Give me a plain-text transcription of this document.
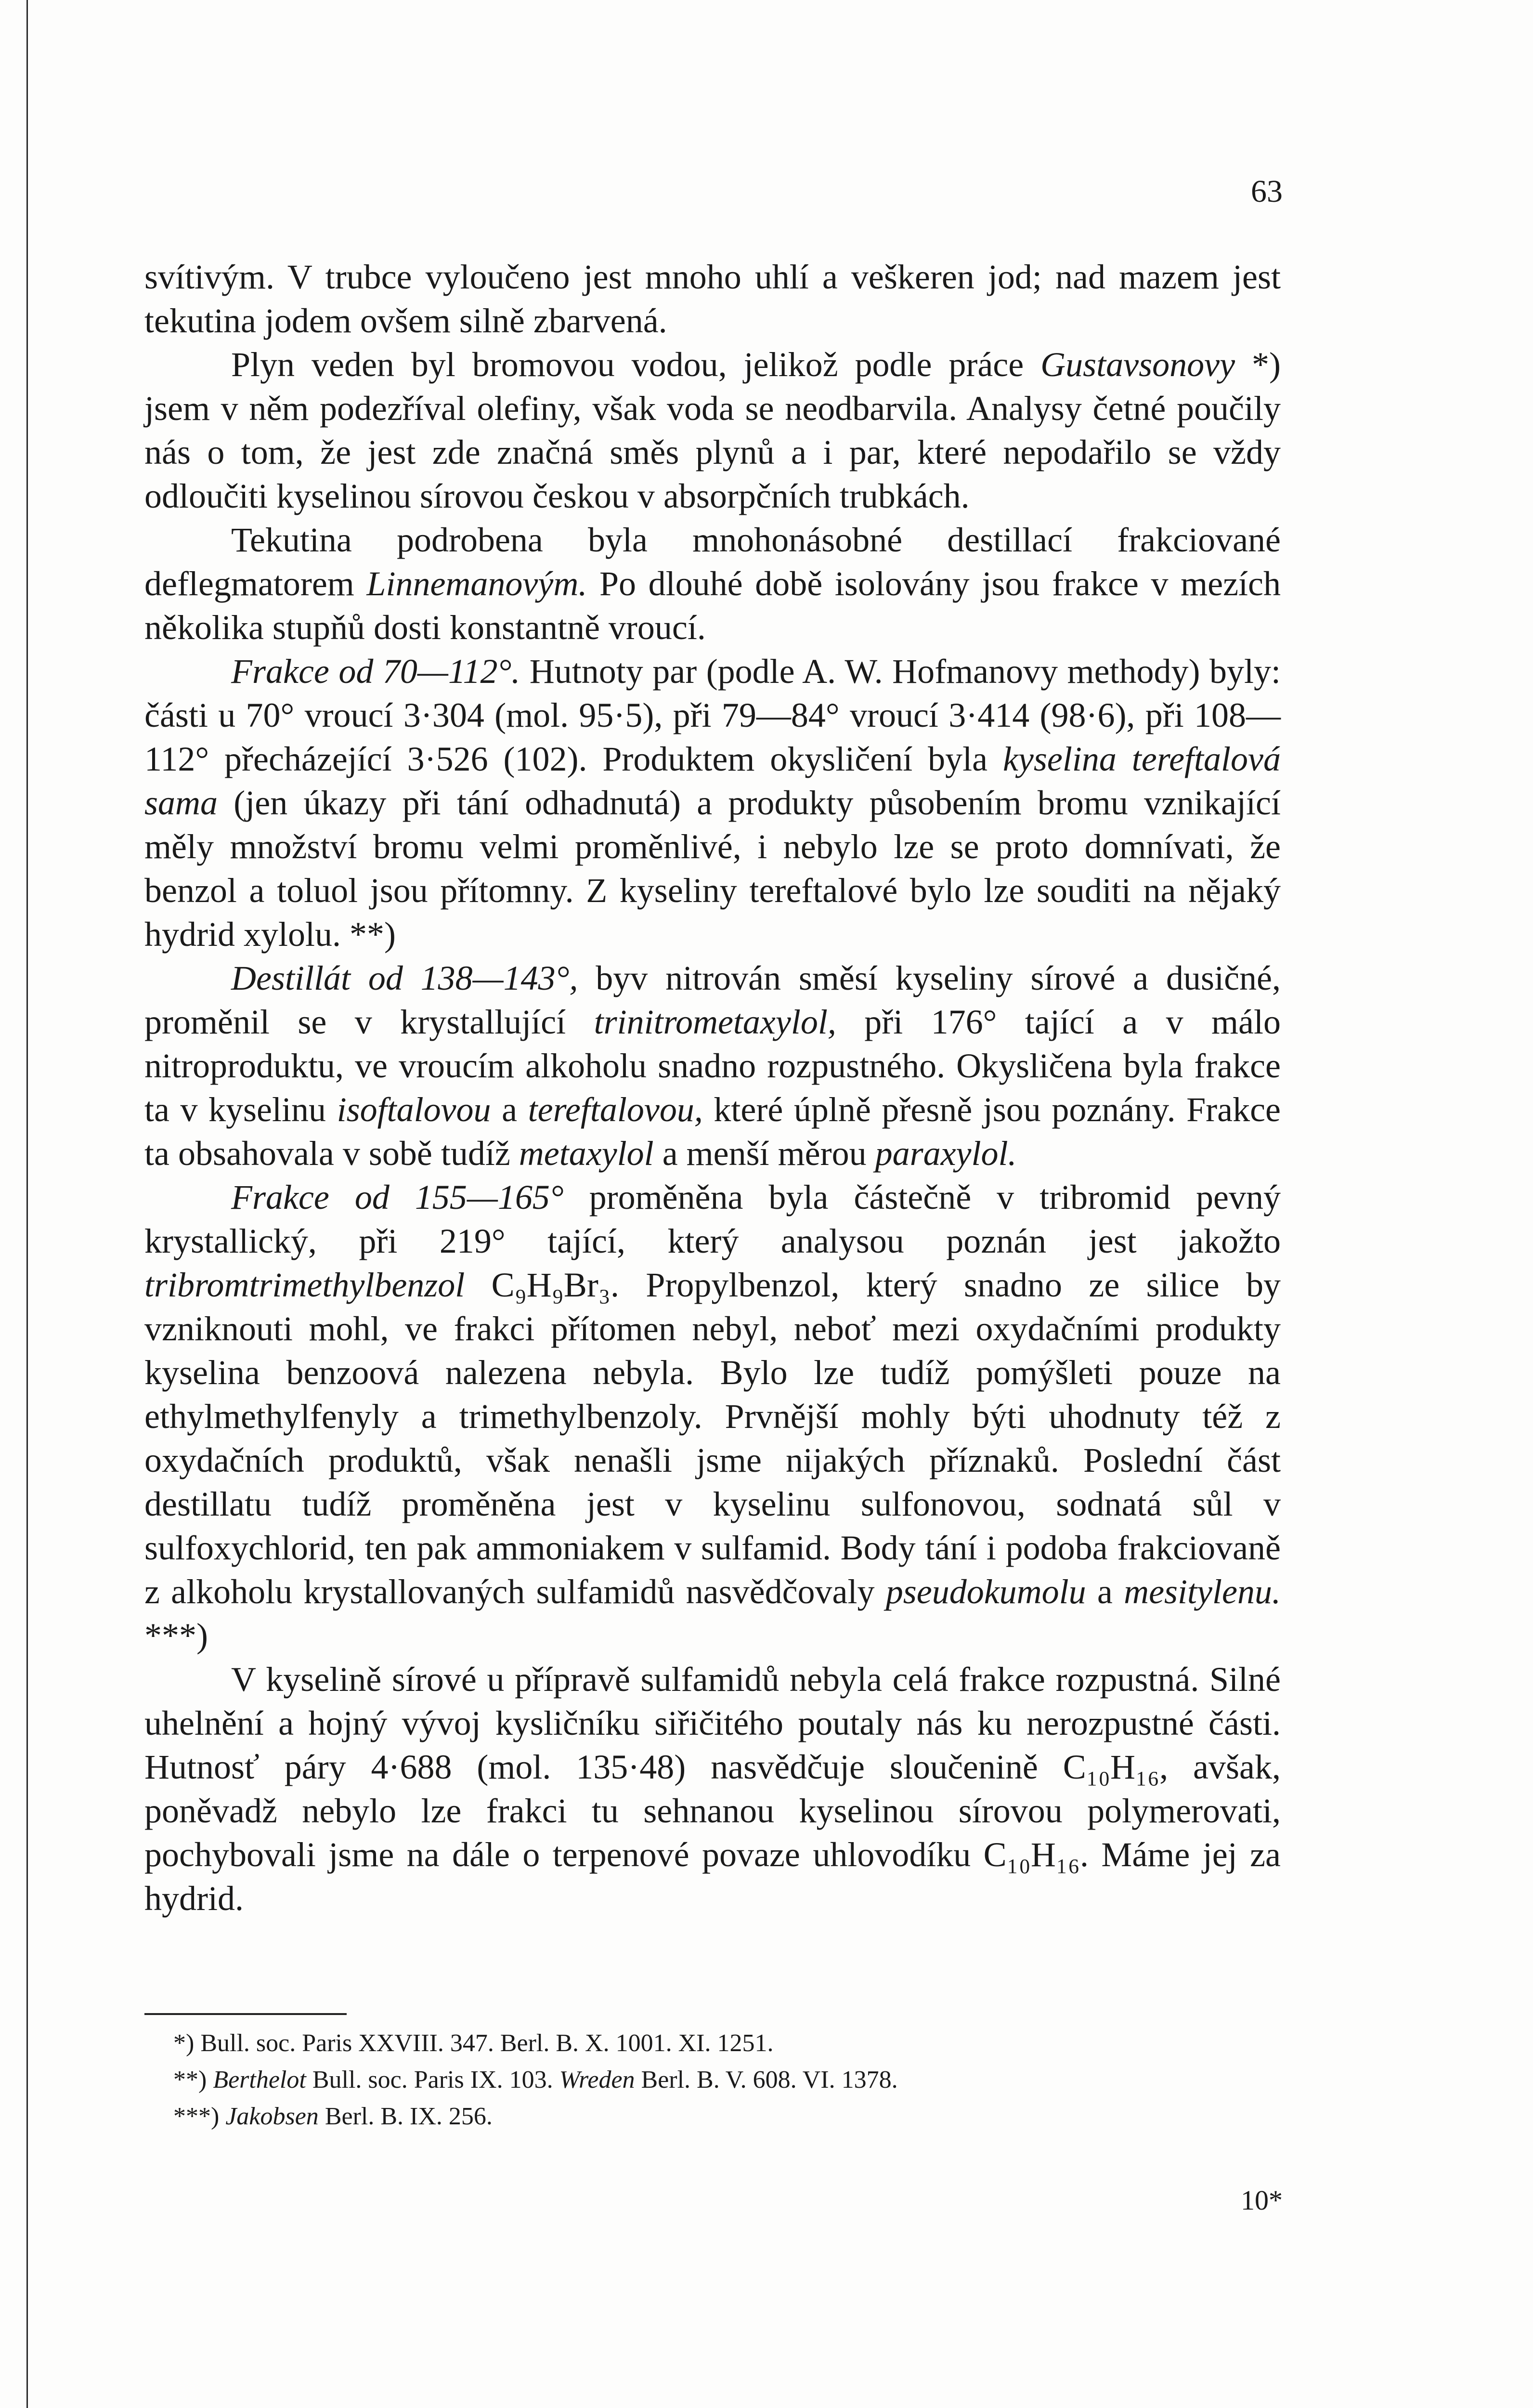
63

svítivým. V trubce vyloučeno jest mnoho uhlí a veškeren jod; nad mazem jest tekutina jodem ovšem silně zbarvená.

Plyn veden byl bromovou vodou, jelikož podle práce Gustavsonovy *) jsem v něm podezříval olefiny, však voda se neodbarvila. Analysy četné poučily nás o tom, že jest zde značná směs plynů a i par, které nepodařilo se vždy odloučiti kyselinou sírovou českou v absorpčních trubkách.

Tekutina podrobena byla mnohonásobné destillací frakciované deflegmatorem Linnemanovým. Po dlouhé době isolovány jsou frakce v mezích několika stupňů dosti konstantně vroucí.

Frakce od 70—112°. Hutnoty par (podle A. W. Hofmanovy methody) byly: části u 70° vroucí 3·304 (mol. 95·5), při 79—84° vroucí 3·414 (98·6), při 108—112° přecházející 3·526 (102). Produktem okysličení byla kyselina tereftalová sama (jen úkazy při tání odhadnutá) a produkty působením bromu vznikající měly množství bromu velmi proměnlivé, i nebylo lze se proto domnívati, že benzol a toluol jsou přítomny. Z kyseliny tereftalové bylo lze souditi na nějaký hydrid xylolu. **)

Destillát od 138—143°, byv nitrován směsí kyseliny sírové a dusičné, proměnil se v krystallující trinitrometaxylol, při 176° tající a v málo nitroproduktu, ve vroucím alkoholu snadno rozpustného. Okysličena byla frakce ta v kyselinu isoftalovou a tereftalovou, které úplně přesně jsou poznány. Frakce ta obsahovala v sobě tudíž metaxylol a menší měrou paraxylol.

Frakce od 155—165° proměněna byla částečně v tribromid pevný krystallický, při 219° tající, který analysou poznán jest jakožto tribromtrimethylbenzol C₉H₉Br₃. Propylbenzol, který snadno ze silice by vzniknouti mohl, ve frakci přítomen nebyl, neboť mezi oxydačními produkty kyselina benzoová nalezena nebyla. Bylo lze tudíž pomýšleti pouze na ethylmethylfenyly a trimethylbenzoly. Prvnější mohly býti uhodnuty též z oxydačních produktů, však nenašli jsme nijakých příznaků. Poslední část destillatu tudíž proměněna jest v kyselinu sulfonovou, sodnatá sůl v sulfoxychlorid, ten pak ammoniakem v sulfamid. Body tání i podoba frakciovaně z alkoholu krystallovaných sulfamidů nasvědčovaly pseudokumolu a mesitylenu. ***)

V kyselině sírové u přípravě sulfamidů nebyla celá frakce rozpustná. Silné uhelnění a hojný vývoj kysličníku siřičitého poutaly nás ku nerozpustné části. Hutnosť páry 4·688 (mol. 135·48) nasvědčuje sloučenině C₁₀H₁₆, avšak, poněvadž nebylo lze frakci tu sehnanou kyselinou sírovou polymerovati, pochybovali jsme na dále o terpenové povaze uhlovodíku C₁₀H₁₆. Máme jej za hydrid.

*) Bull. soc. Paris XXVIII. 347. Berl. B. X. 1001. XI. 1251.
**) Berthelot Bull. soc. Paris IX. 103. Wreden Berl. B. V. 608. VI. 1378.
***) Jakobsen Berl. B. IX. 256.
10*
